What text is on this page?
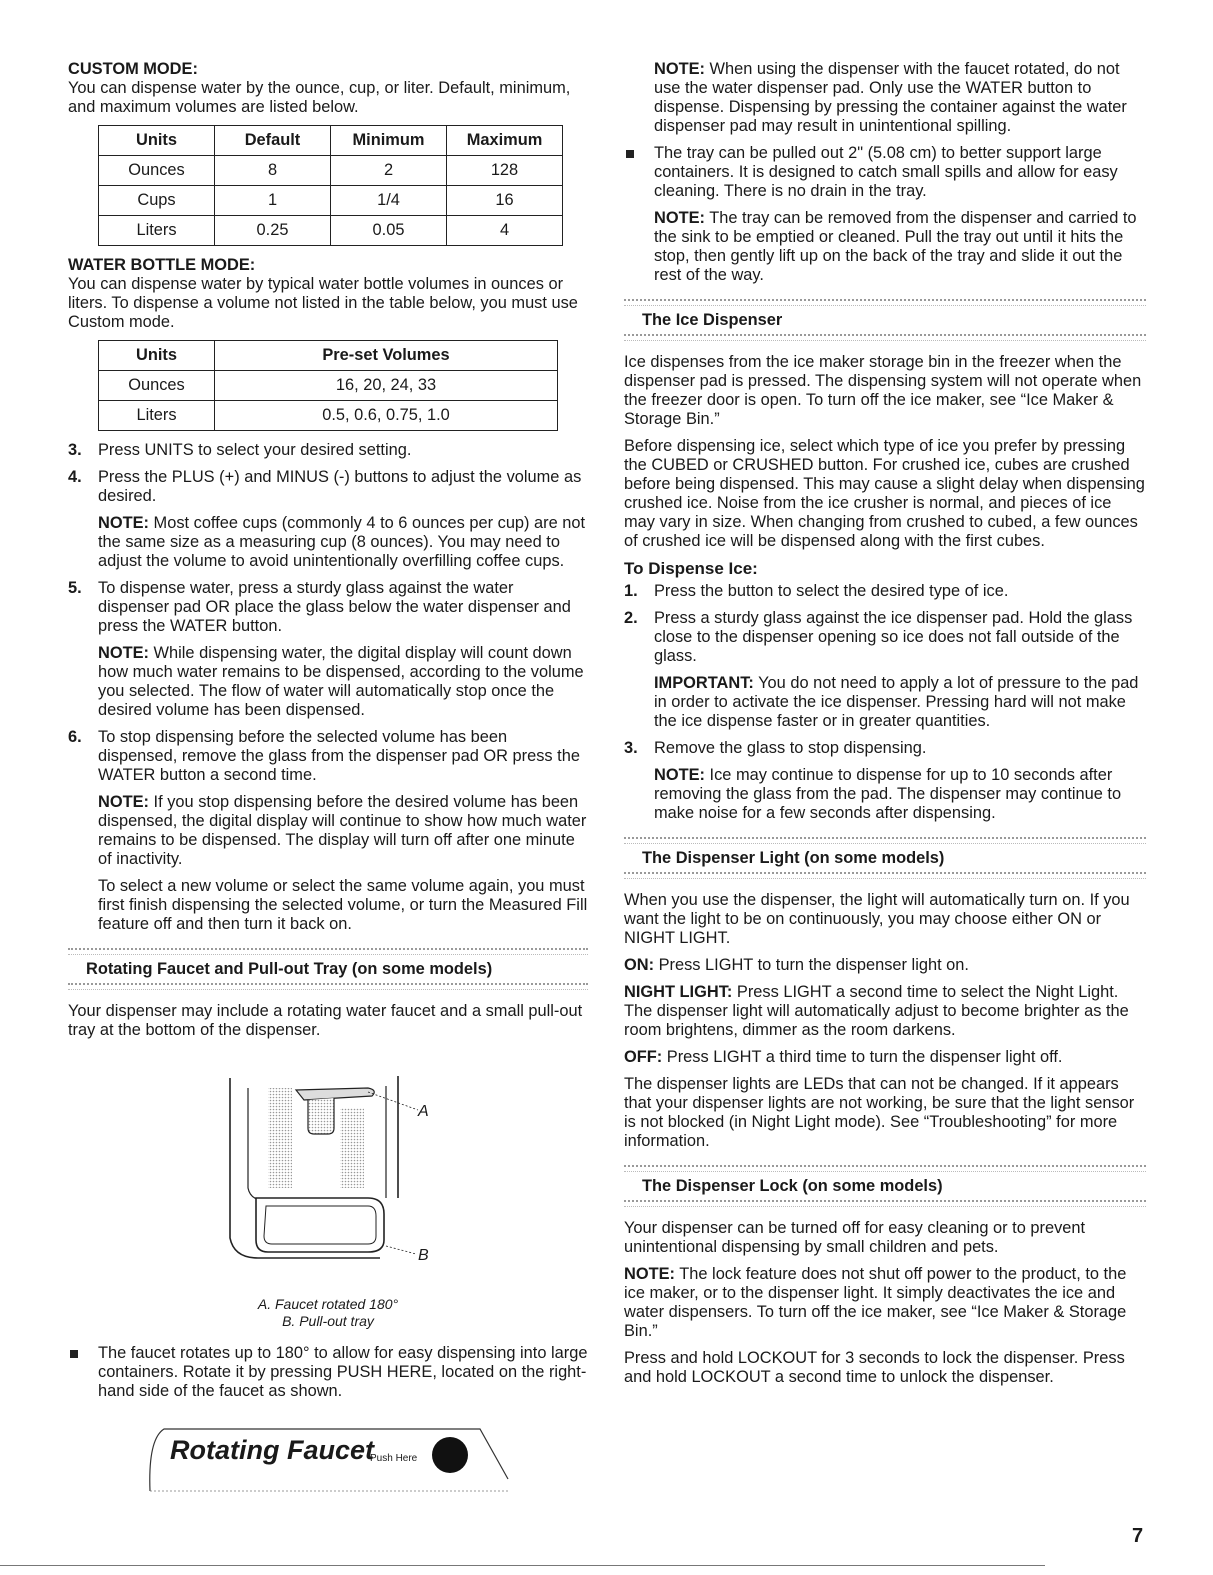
CUSTOM MODE:

You can dispense water by the ounce, cup, or liter. Default, minimum, and maximum volumes are listed below.

Units	Default	Minimum	Maximum
Ounces	8	2	128
Cups	1	1/4	16
Liters	0.25	0.05	4

WATER BOTTLE MODE:

You can dispense water by typical water bottle volumes in ounces or liters. To dispense a volume not listed in the table below, you must use Custom mode.

Units	Pre-set Volumes
Ounces	16, 20, 24, 33
Liters	0.5, 0.6, 0.75, 1.0
3. Press UNITS to select your desired setting.

4. Press the PLUS (+) and MINUS (-) buttons to adjust the volume as desired.

NOTE: Most coffee cups (commonly 4 to 6 ounces per cup) are not the same size as a measuring cup (8 ounces). You may need to adjust the volume to avoid unintentionally overfilling coffee cups.

5. To dispense water, press a sturdy glass against the water dispenser pad OR place the glass below the water dispenser and press the WATER button.

NOTE: While dispensing water, the digital display will count down how much water remains to be dispensed, according to the volume you selected. The flow of water will automatically stop once the desired volume has been dispensed.

6. To stop dispensing before the selected volume has been dispensed, remove the glass from the dispenser pad OR press the WATER button a second time.

NOTE: If you stop dispensing before the desired volume has been dispensed, the digital display will continue to show how much water remains to be dispensed. The display will turn off after one minute of inactivity.

To select a new volume or select the same volume again, you must first finish dispensing the selected volume, or turn the Measured Fill feature off and then turn it back on.

Rotating Faucet and Pull-out Tray (on some models)

Your dispenser may include a rotating water faucet and a small pull-out tray at the bottom of the dispenser.

A
B
A. Faucet rotated 180°
B. Pull-out tray

The faucet rotates up to 180° to allow for easy dispensing into large containers. Rotate it by pressing PUSH HERE, located on the right-hand side of the faucet as shown.

Rotating Faucet
Push Here

NOTE: When using the dispenser with the faucet rotated, do not use the water dispenser pad. Only use the WATER button to dispense. Dispensing by pressing the container against the water dispenser pad may result in unintentional spilling.

The tray can be pulled out 2" (5.08 cm) to better support large containers. It is designed to catch small spills and allow for easy cleaning. There is no drain in the tray.

NOTE: The tray can be removed from the dispenser and carried to the sink to be emptied or cleaned. Pull the tray out until it hits the stop, then gently lift up on the back of the tray and slide it out the rest of the way.

The Ice Dispenser

Ice dispenses from the ice maker storage bin in the freezer when the dispenser pad is pressed. The dispensing system will not operate when the freezer door is open. To turn off the ice maker, see “Ice Maker & Storage Bin.”

Before dispensing ice, select which type of ice you prefer by pressing the CUBED or CRUSHED button. For crushed ice, cubes are crushed before being dispensed. This may cause a slight delay when dispensing crushed ice. Noise from the ice crusher is normal, and pieces of ice may vary in size. When changing from crushed to cubed, a few ounces of crushed ice will be dispensed along with the first cubes.

To Dispense Ice:
1. Press the button to select the desired type of ice.

2. Press a sturdy glass against the ice dispenser pad. Hold the glass close to the dispenser opening so ice does not fall outside of the glass.

IMPORTANT: You do not need to apply a lot of pressure to the pad in order to activate the ice dispenser. Pressing hard will not make the ice dispense faster or in greater quantities.

3. Remove the glass to stop dispensing.

NOTE: Ice may continue to dispense for up to 10 seconds after removing the glass from the pad. The dispenser may continue to make noise for a few seconds after dispensing.

The Dispenser Light (on some models)

When you use the dispenser, the light will automatically turn on. If you want the light to be on continuously, you may choose either ON or NIGHT LIGHT.

ON: Press LIGHT to turn the dispenser light on.

NIGHT LIGHT: Press LIGHT a second time to select the Night Light. The dispenser light will automatically adjust to become brighter as the room brightens, dimmer as the room darkens.

OFF: Press LIGHT a third time to turn the dispenser light off.

The dispenser lights are LEDs that can not be changed. If it appears that your dispenser lights are not working, be sure that the light sensor is not blocked (in Night Light mode). See “Troubleshooting” for more information.

The Dispenser Lock (on some models)

Your dispenser can be turned off for easy cleaning or to prevent unintentional dispensing by small children and pets.

NOTE: The lock feature does not shut off power to the product, to the ice maker, or to the dispenser light. It simply deactivates the ice and water dispensers. To turn off the ice maker, see “Ice Maker & Storage Bin.”

Press and hold LOCKOUT for 3 seconds to lock the dispenser. Press and hold LOCKOUT a second time to unlock the dispenser.

7
